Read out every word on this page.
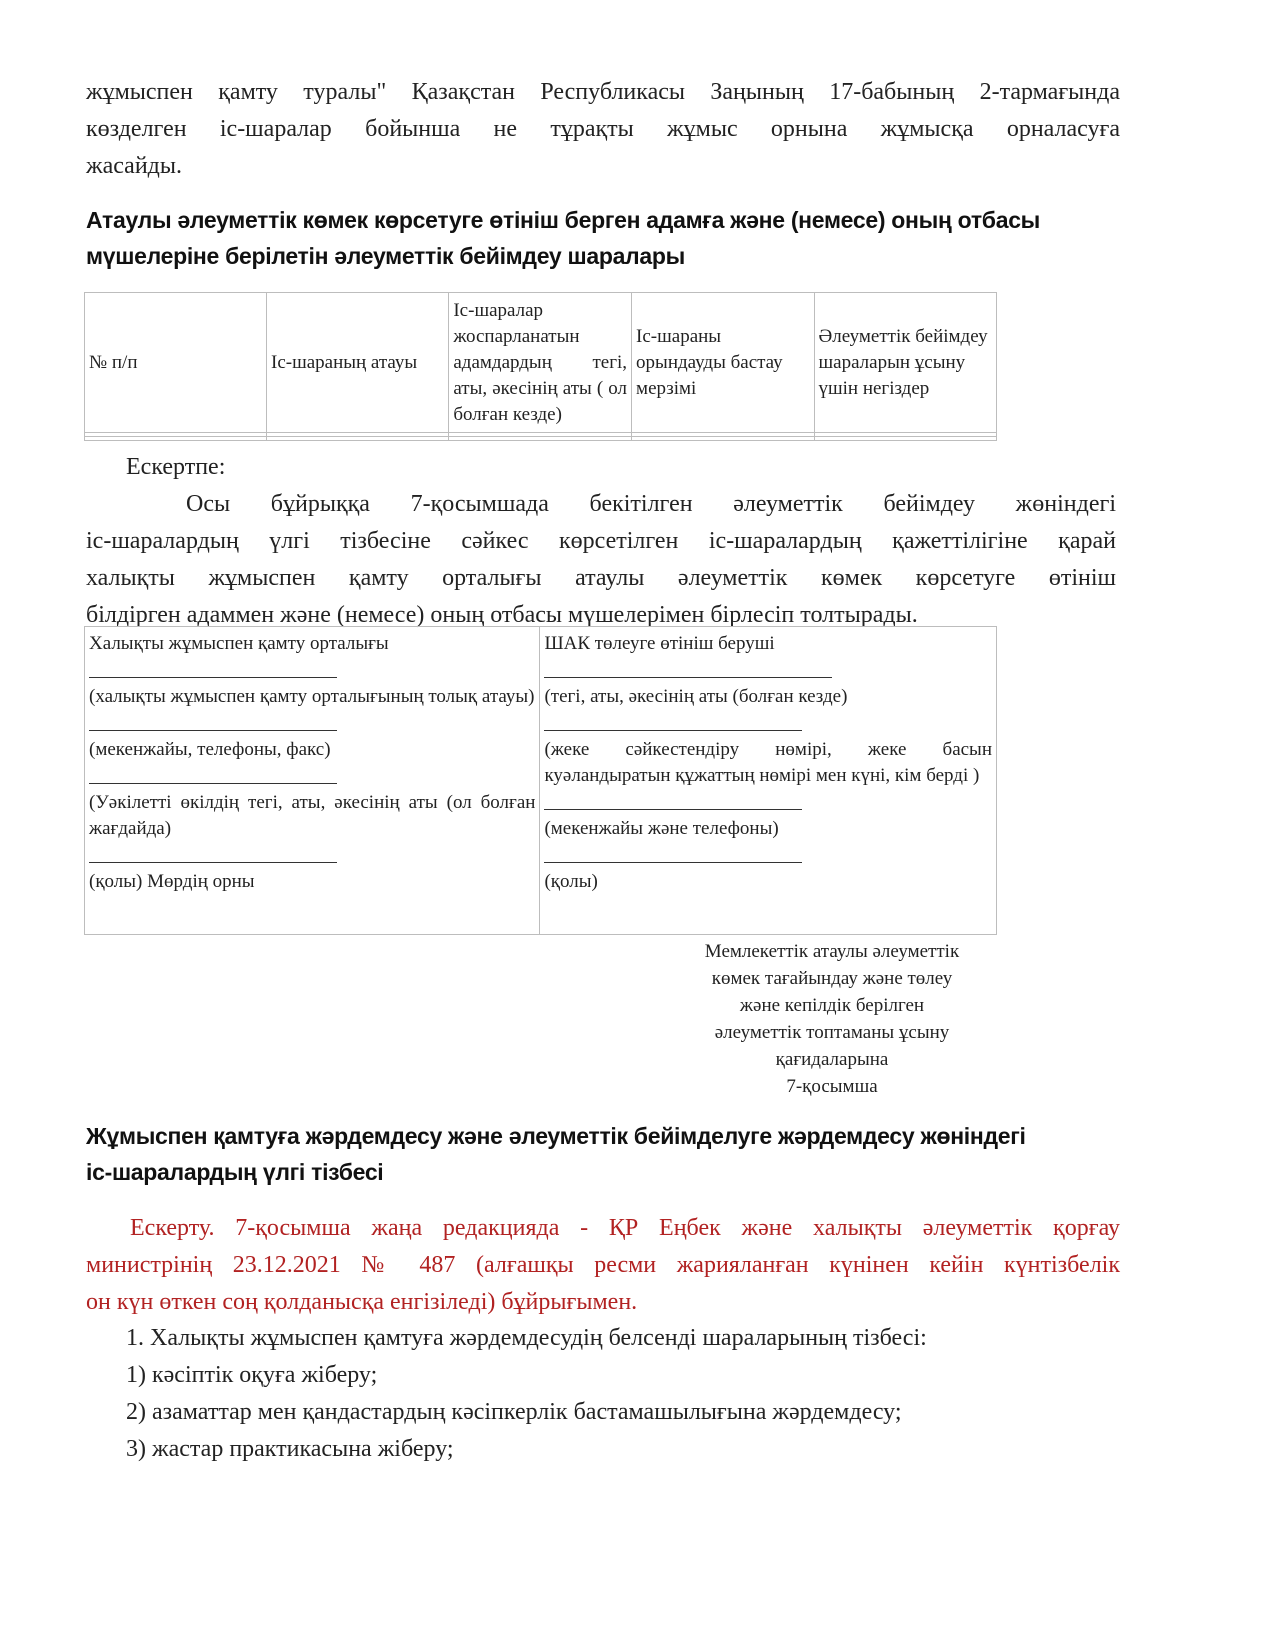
жұмыспен қамту туралы" Қазақстан Республикасы Заңының 17-бабының 2-тармағында
көзделген іс-шаралар бойынша не тұрақты жұмыс орнына жұмысқа орналасуға
жасайды.
Атаулы әлеуметтік көмек көрсетуге өтініш берген адамға және (немесе) оның отбасы
мүшелеріне берілетін әлеуметтік бейімдеу шаралары
№ п/п	Іс-шараның атауы	Іс-шаралар жоспарланатын адамдардың тегі, аты, әкесінің аты ( ол болған кезде)	Іс-шараны орындауды бастау мерзімі	Әлеуметтік бейімдеу шараларын ұсыну үшін негіздер

Ескертпе:
Осы бұйрыққа 7-қосымшада бекітілген әлеуметтік бейімдеу жөніндегі
іс-шаралардың үлгі тізбесіне сәйкес көрсетілген іс-шаралардың қажеттілігіне қарай
халықты жұмыспен қамту орталығы атаулы әлеуметтік көмек көрсетуге өтініш
білдірген адаммен және (немесе) оның отбасы мүшелерімен бірлесіп толтырады.
Халықты жұмыспен қамту орталығы
(халықты жұмыспен қамту орталығының толық атауы)
(мекенжайы, телефоны, факс)
(Уәкілетті өкілдің тегі, аты, әкесінің аты (ол болған жағдайда)
(қолы) Мөрдің орны

ШАК төлеуге өтініш беруші
(тегі, аты, әкесінің аты (болған кезде)
(жеке сәйкестендіру нөмірі, жеке басын куәландыратын құжаттың нөмірі мен күні, кім берді )
(мекенжайы және телефоны)
(қолы)
Мемлекеттік атаулы әлеуметтік
көмек тағайындау және төлеу
және кепілдік берілген
әлеуметтік топтаманы ұсыну
қағидаларына
7-қосымша
Жұмыспен қамтуға жәрдемдесу және әлеуметтік бейімделуге жәрдемдесу жөніндегі
іс-шаралардың үлгі тізбесі
Ескерту. 7-қосымша жаңа редакцияда - ҚР Еңбек және халықты әлеуметтік қорғау
министрінің 23.12.2021 № 487 (алғашқы ресми жарияланған күнінен кейін күнтізбелік
он күн өткен соң қолданысқа енгізіледі) бұйрығымен.
1. Халықты жұмыспен қамтуға жәрдемдесудің белсенді шараларының тізбесі:
1) кәсіптік оқуға жіберу;
2) азаматтар мен қандастардың кәсіпкерлік бастамашылығына жәрдемдесу;
3) жастар практикасына жіберу;
